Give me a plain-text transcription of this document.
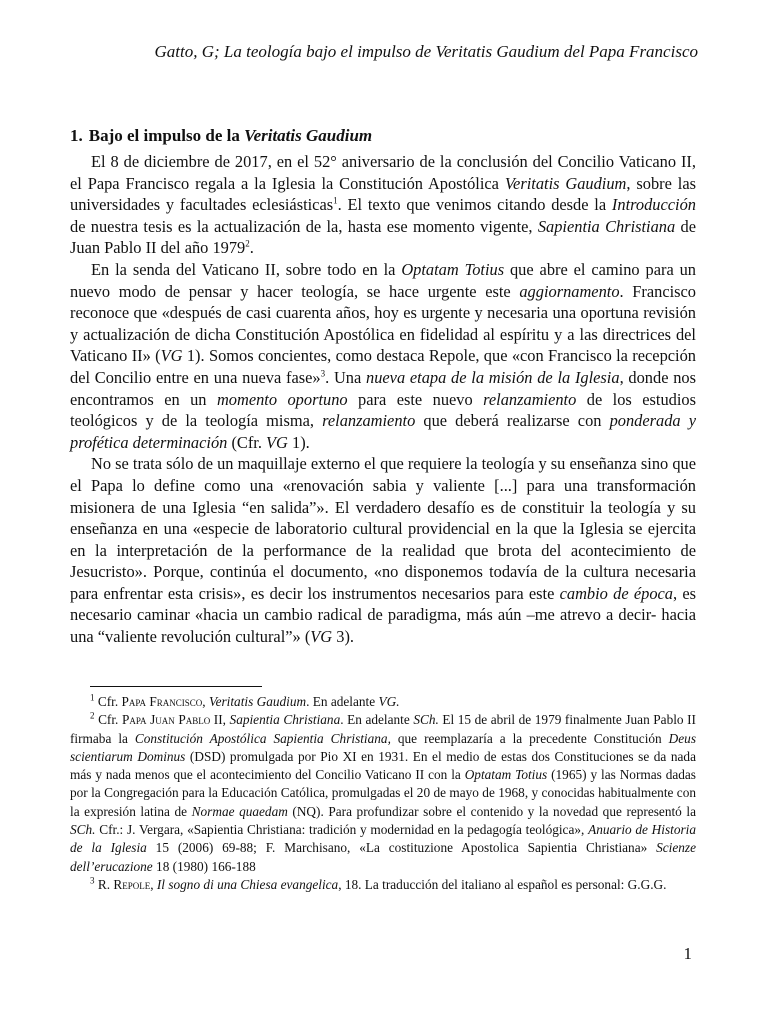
Gatto, G; La teología bajo el impulso de Veritatis Gaudium del Papa Francisco
1. Bajo el impulso de la Veritatis Gaudium

El 8 de diciembre de 2017, en el 52° aniversario de la conclusión del Concilio Vaticano II, el Papa Francisco regala a la Iglesia la Constitución Apostólica Veritatis Gaudium, sobre las universidades y facultades eclesiásticas$^1$. El texto que venimos citando desde la Introducción de nuestra tesis es la actualización de la, hasta ese momento vigente, Sapientia Christiana de Juan Pablo II del año 1979$^2$.

En la senda del Vaticano II, sobre todo en la Optatam Totius que abre el camino para un nuevo modo de pensar y hacer teología, se hace urgente este aggiornamento. Francisco reconoce que «después de casi cuarenta años, hoy es urgente y necesaria una oportuna revisión y actualización de dicha Constitución Apostólica en fidelidad al espíritu y a las directrices del Vaticano II» (VG 1). Somos concientes, como destaca Repole, que «con Francisco la recepción del Concilio entre en una nueva fase»$^3$. Una nueva etapa de la misión de la Iglesia, donde nos encontramos en un momento oportuno para este nuevo relanzamiento de los estudios teológicos y de la teología misma, relanzamiento que deberá realizarse con ponderada y profética determinación (Cfr. VG 1).

No se trata sólo de un maquillaje externo el que requiere la teología y su enseñanza sino que el Papa lo define como una «renovación sabia y valiente [...] para una transformación misionera de una Iglesia “en salida”». El verdadero desafío es de constituir la teología y su enseñanza en una «especie de laboratorio cultural providencial en la que la Iglesia se ejercita en la interpretación de la performance de la realidad que brota del acontecimiento de Jesucristo». Porque, continúa el documento, «no disponemos todavía de la cultura necesaria para enfrentar esta crisis», es decir los instrumentos necesarios para este cambio de época, es necesario caminar «hacia un cambio radical de paradigma, más aún –me atrevo a decir- hacia una “valiente revolución cultural”» (VG 3).

$^1$ Cfr. Papa Francisco, Veritatis Gaudium. En adelante VG.

$^2$ Cfr. Papa Juan Pablo II, Sapientia Christiana. En adelante SCh. El 15 de abril de 1979 finalmente Juan Pablo II firmaba la Constitución Apostólica Sapientia Christiana, que reemplazaría a la precedente Constitución Deus scientiarum Dominus (DSD) promulgada por Pio XI en 1931. En el medio de estas dos Constituciones se da nada más y nada menos que el acontecimiento del Concilio Vaticano II con la Optatam Totius (1965) y las Normas dadas por la Congregación para la Educación Católica, promulgadas el 20 de mayo de 1968, y conocidas habitualmente con la expresión latina de Normae quaedam (NQ). Para profundizar sobre el contenido y la novedad que representó la SCh. Cfr.: J. Vergara, «Sapientia Christiana: tradición y modernidad en la pedagogía teológica», Anuario de Historia de la Iglesia 15 (2006) 69-88; F. Marchisano, «La costituzione Apostolica Sapientia Christiana» Scienze dell’erucazione 18 (1980) 166-188

$^3$ R. Repole, Il sogno di una Chiesa evangelica, 18. La traducción del italiano al español es personal: G.G.G.

1
